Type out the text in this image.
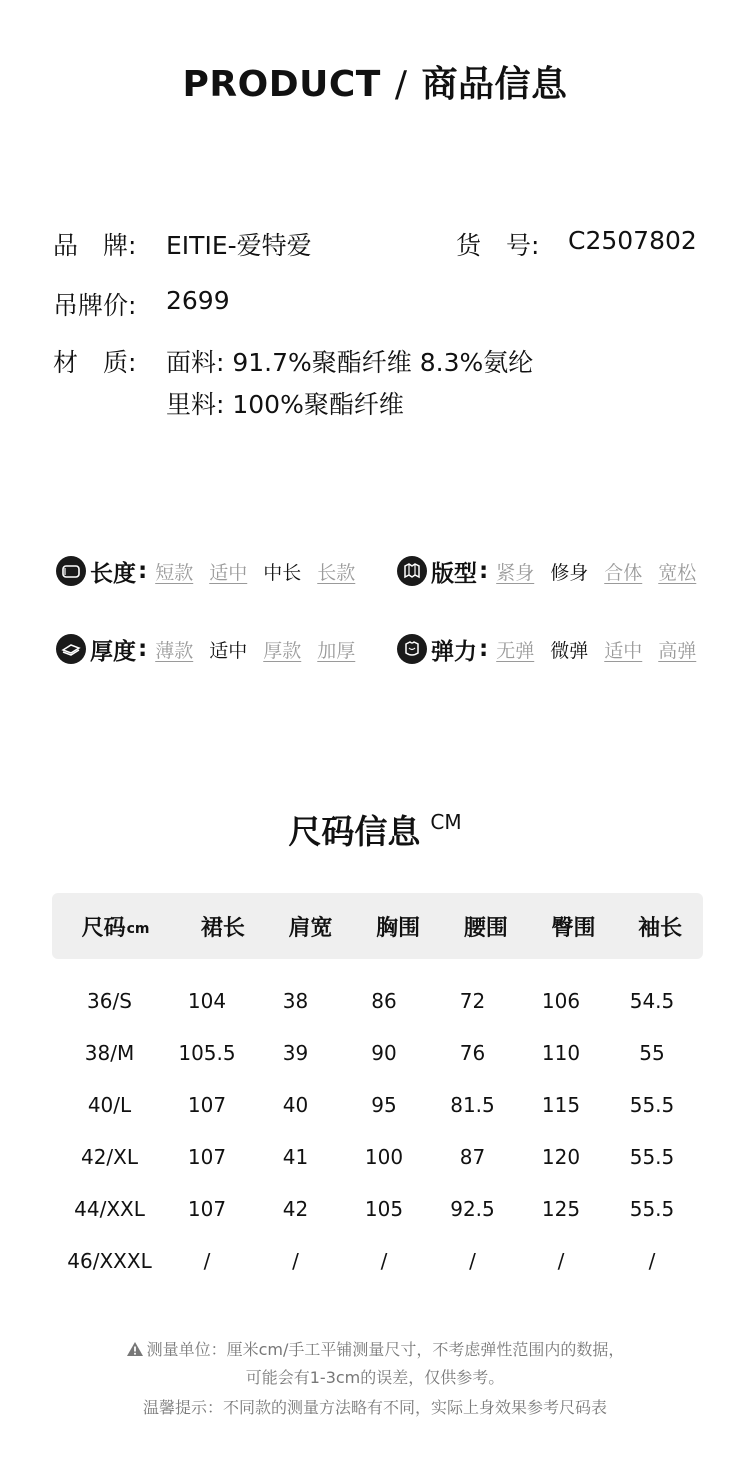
PRODUCT / 商品信息
品　牌: EITIE-爱特爱	货　号: C2507802
吊牌价: 2699
材　质: 面料: 91.7%聚酯纤维 8.3%氨纶
里料: 100%聚酯纤维
长度 : 短款 适中 中长 长款	版型 : 紧身 修身 合体 宽松
厚度 : 薄款 适中 厚款 加厚	弹力 : 无弹 微弹 适中 高弹
尺码信息 CM
尺码 cm	裙长	肩宽	胸围	腰围	臀围	袖长
36/S	104	38	86	72	106	54.5
38/M	105.5	39	90	76	110	55
40/L	107	40	95	81.5	115	55.5
42/XL	107	41	100	87	120	55.5
44/XXL	107	42	105	92.5	125	55.5
46/XXXL	/	/	/	/	/	/
测量单位：厘米cm/手工平铺测量尺寸，不考虑弹性范围内的数据，
可能会有1-3cm的误差，仅供参考。
温馨提示：不同款的测量方法略有不同，实际上身效果参考尺码表
